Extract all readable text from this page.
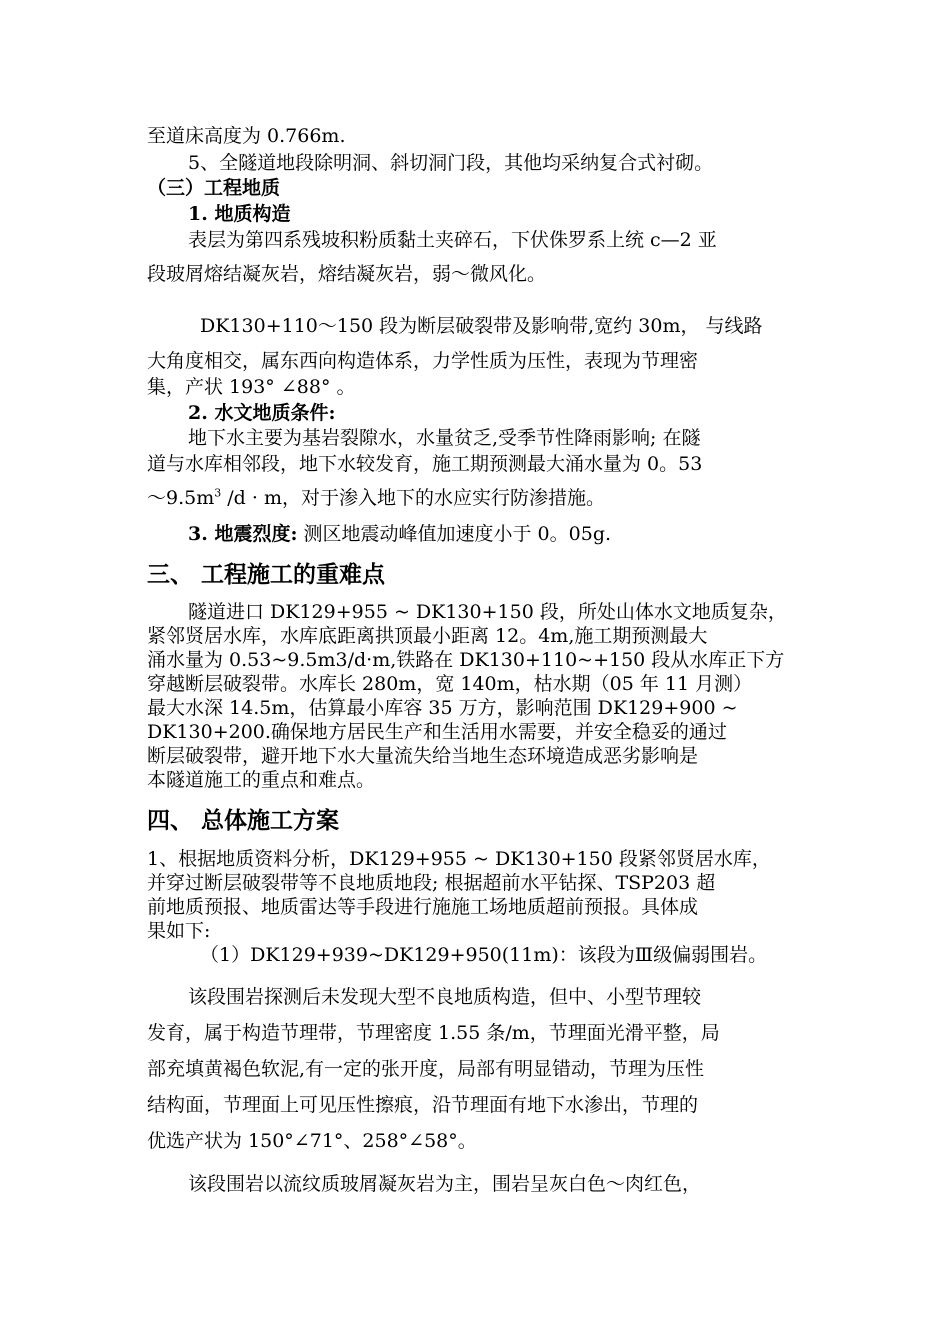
至道床高度为 0.766m.
5、全隧道地段除明洞、斜切洞门段，其他均采纳复合式衬砌。
（三）工程地质
1. 地质构造
表层为第四系残坡积粉质黏土夹碎石，下伏侏罗系上统 c—2 亚
段玻屑熔结凝灰岩，熔结凝灰岩，弱～微风化。
DK130+110～150 段为断层破裂带及影响带,宽约 30m， 与线路
大角度相交，属东西向构造体系，力学性质为压性，表现为节理密
集，产状 193° ∠88° 。
2. 水文地质条件:
地下水主要为基岩裂隙水，水量贫乏,受季节性降雨影响; 在隧
道与水库相邻段，地下水较发育，施工期预测最大涌水量为 0。53
$\sim 9.5m^3$ /d · m，对于渗入地下的水应实行防渗措施。
3. 地震烈度: 测区地震动峰值加速度小于 0。05g.
三、 工程施工的重难点
隧道进口 DK129+955 ~ DK130+150 段，所处山体水文地质复杂，
紧邻贤居水库，水库底距离拱顶最小距离 12。4m,施工期预测最大
涌水量为 0.53~9.5m3/d·m,铁路在 DK130+110~+150 段从水库正下方
穿越断层破裂带。水库长 280m，宽 140m，枯水期（05 年 11 月测）
最大水深 14.5m，估算最小库容 35 万方，影响范围 DK129+900 ~
DK130+200.确保地方居民生产和生活用水需要，并安全稳妥的通过
断层破裂带，避开地下水大量流失给当地生态环境造成恶劣影响是
本隧道施工的重点和难点。
四、 总体施工方案
1、根据地质资料分析，DK129+955 ~ DK130+150 段紧邻贤居水库，
并穿过断层破裂带等不良地质地段; 根据超前水平钻探、TSP203 超
前地质预报、地质雷达等手段进行施施工场地质超前预报。具体成
果如下:
（1）DK129+939~DK129+950(11m)：该段为Ⅲ级偏弱围岩。
该段围岩探测后未发现大型不良地质构造，但中、小型节理较
发育，属于构造节理带，节理密度 1.55 条/m，节理面光滑平整，局
部充填黄褐色软泥,有一定的张开度，局部有明显错动，节理为压性
结构面，节理面上可见压性擦痕，沿节理面有地下水渗出，节理的
优选产状为 150°∠71°、258°∠58°。
该段围岩以流纹质玻屑凝灰岩为主，围岩呈灰白色～肉红色，
